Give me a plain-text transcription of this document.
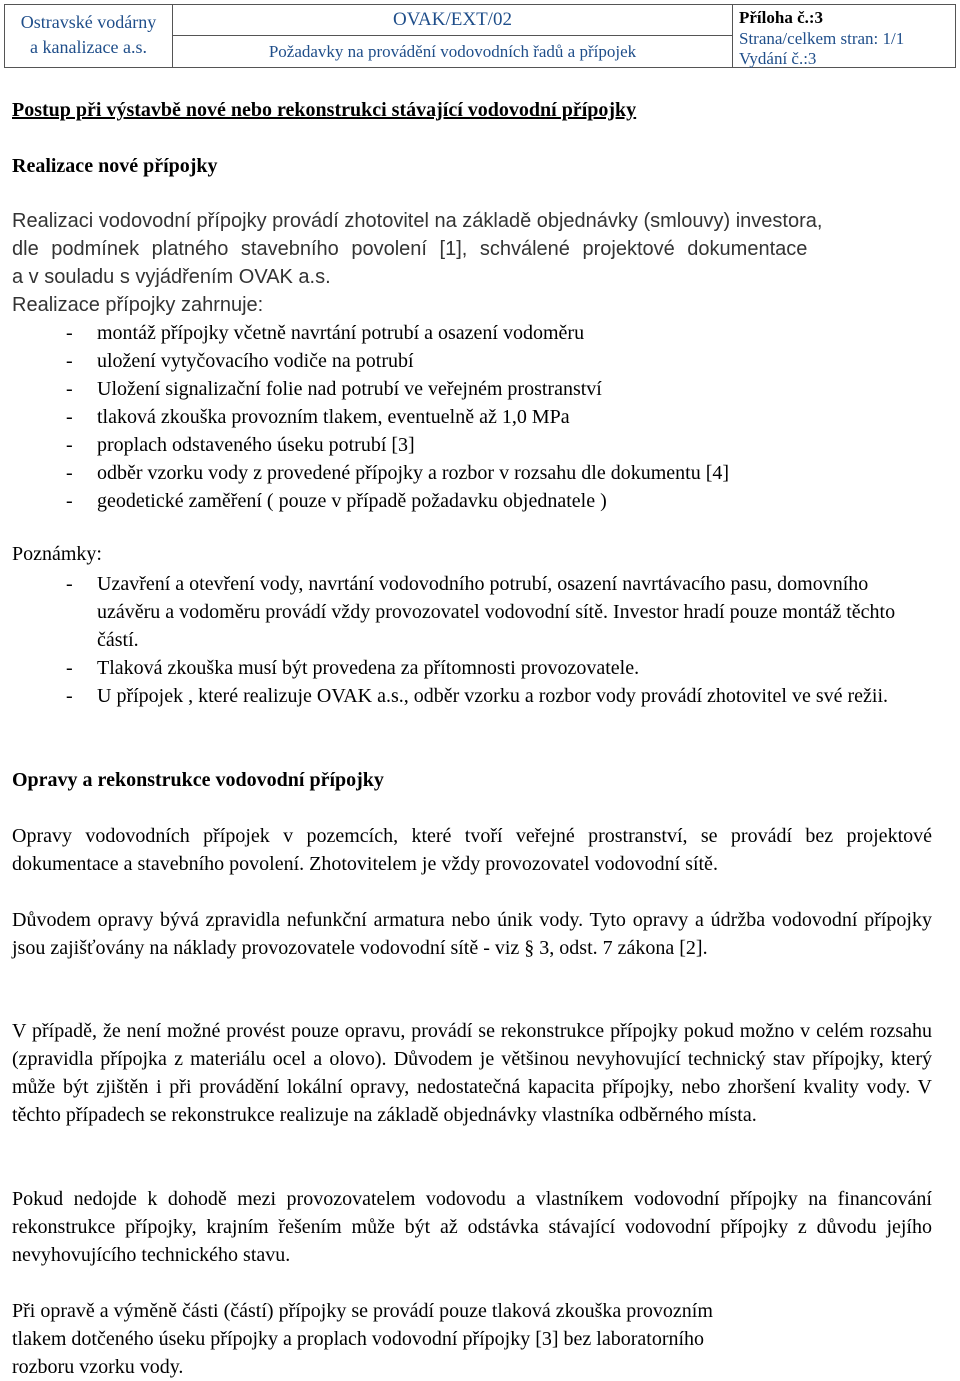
Ostravské vodárny
a kanalizace a.s.
OVAK/EXT/02
Požadavky na provádění vodovodních řadů a přípojek
Příloha č.:3
Strana/celkem stran: 1/1
Vydání č.:3
Postup při výstavbě nové nebo rekonstrukci stávající vodovodní přípojky
Realizace nové přípojky
Realizaci vodovodní přípojky provádí zhotovitel na základě objednávky (smlouvy) investora,
dle podmínek platného stavebního povolení [1], schválené projektové dokumentace
a v souladu s vyjádřením OVAK a.s.
Realizace přípojky zahrnuje:
- montáž přípojky včetně navrtání potrubí a osazení vodoměru
- uložení vytyčovacího vodiče na potrubí
- Uložení signalizační folie nad potrubí ve veřejném prostranství
- tlaková zkouška provozním tlakem, eventuelně až 1,0 MPa
- proplach odstaveného úseku potrubí [3]
- odběr vzorku vody z provedené přípojky a rozbor v rozsahu dle dokumentu [4]
- geodetické zaměření ( pouze v případě požadavku objednatele )
Poznámky:
- Uzavření a otevření vody, navrtání vodovodního potrubí, osazení navrtávacího pasu, domovního uzávěru a vodoměru provádí vždy provozovatel vodovodní sítě. Investor hradí pouze montáž těchto částí.
- Tlaková zkouška musí být provedena za přítomnosti provozovatele.
- U přípojek , které realizuje OVAK a.s., odběr vzorku a rozbor vody provádí zhotovitel ve své režii.
Opravy a rekonstrukce vodovodní přípojky
Opravy vodovodních přípojek v pozemcích, které tvoří veřejné prostranství, se provádí bez projektové dokumentace a stavebního povolení. Zhotovitelem je vždy provozovatel vodovodní sítě.
Důvodem opravy bývá zpravidla nefunkční armatura nebo únik vody. Tyto opravy a údržba vodovodní přípojky jsou zajišťovány na náklady provozovatele vodovodní sítě - viz § 3, odst. 7 zákona [2].
V případě, že není možné provést pouze opravu, provádí se rekonstrukce přípojky pokud možno v celém rozsahu (zpravidla přípojka z materiálu ocel a olovo). Důvodem je většinou nevyhovující technický stav přípojky, který může být zjištěn i při provádění lokální opravy, nedostatečná kapacita přípojky, nebo zhoršení kvality vody. V těchto případech se rekonstrukce realizuje na základě objednávky vlastníka odběrného místa.
Pokud nedojde k dohodě mezi provozovatelem vodovodu a vlastníkem vodovodní přípojky na financování rekonstrukce přípojky, krajním řešením může být až odstávka stávající vodovodní přípojky z důvodu jejího nevyhovujícího technického stavu.
Při opravě a výměně části (částí) přípojky se provádí pouze tlaková zkouška provozním
tlakem dotčeného úseku přípojky a proplach vodovodní přípojky [3] bez laboratorního
rozboru vzorku vody.
